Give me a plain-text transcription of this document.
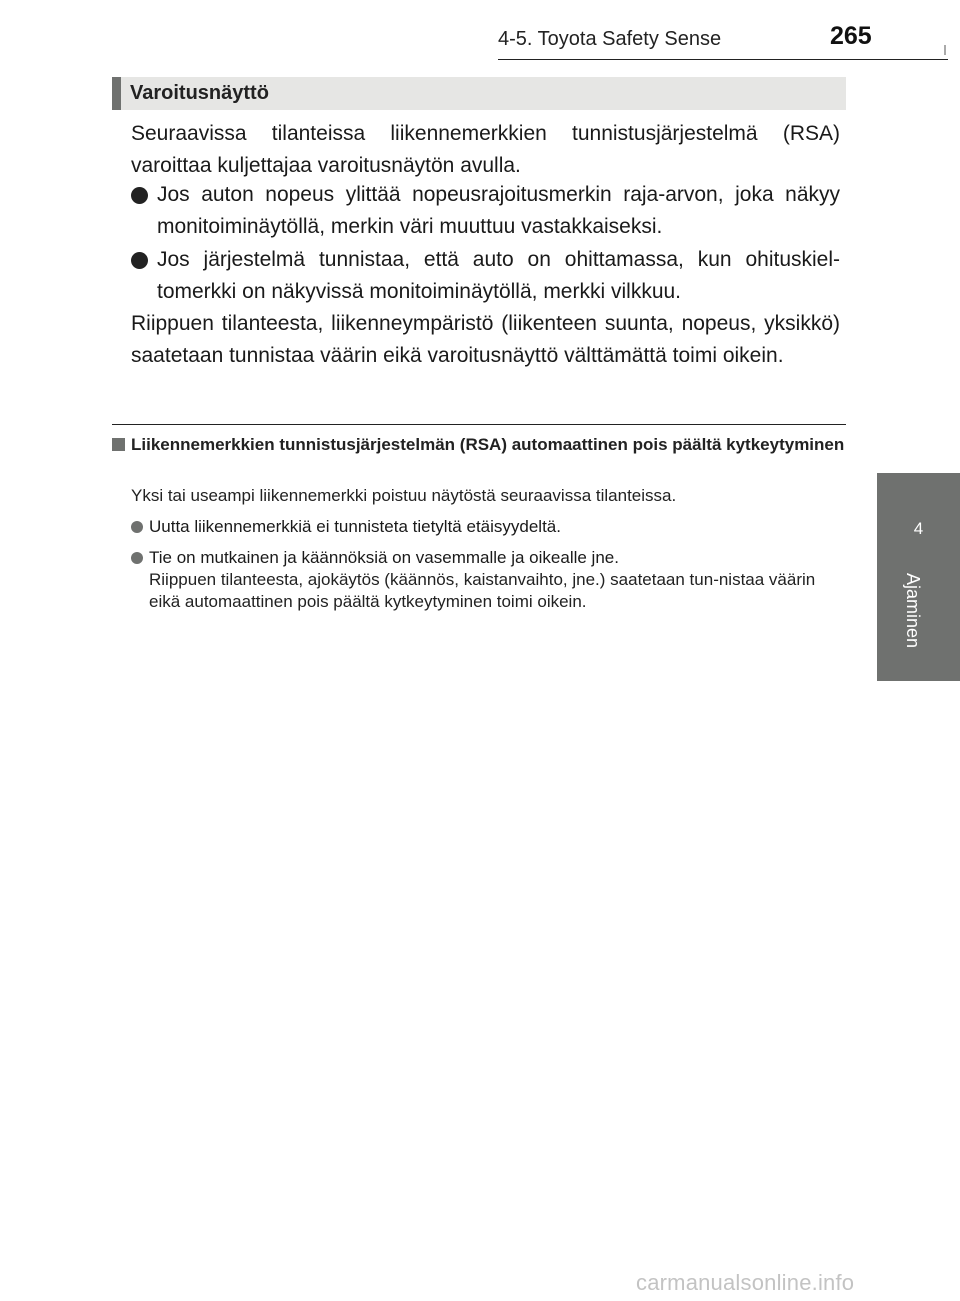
4-5. Toyota Safety Sense	265
4
Ajaminen
Varoitusnäyttö
Seuraavissa tilanteissa liikennemerkkien tunnistusjärjestelmä (RSA) varoittaa kuljettajaa varoitusnäytön avulla.
Jos auton nopeus ylittää nopeusrajoitusmerkin raja-arvon, joka näkyy monitoiminäytöllä, merkin väri muuttuu vastakkaiseksi.
Jos järjestelmä tunnistaa, että auto on ohittamassa, kun ohituskiel-tomerkki on näkyvissä monitoiminäytöllä, merkki vilkkuu.
Riippuen tilanteesta, liikenneympäristö (liikenteen suunta, nopeus, yksikkö) saatetaan tunnistaa väärin eikä varoitusnäyttö välttämättä toimi oikein.
Liikennemerkkien tunnistusjärjestelmän (RSA) automaattinen pois päältä kytkeytyminen
Yksi tai useampi liikennemerkki poistuu näytöstä seuraavissa tilanteissa.
Uutta liikennemerkkiä ei tunnisteta tietyltä etäisyydeltä.
Tie on mutkainen ja käännöksiä on vasemmalle ja oikealle jne.
Riippuen tilanteesta, ajokäytös (käännös, kaistanvaihto, jne.) saatetaan tun-nistaa väärin eikä automaattinen pois päältä kytkeytyminen toimi oikein.
carmanualsonline.info
